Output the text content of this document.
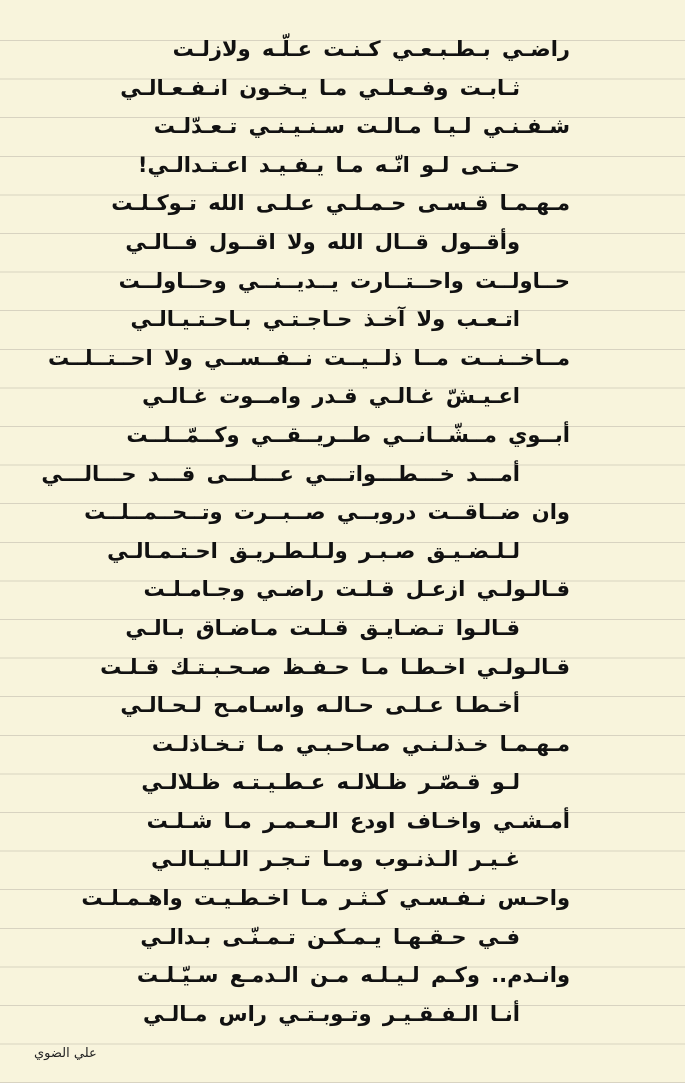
راضـي بـطـبـعـي كـنـت عـلّـه ولازلـت
ثـابـت وفـعـلـي مـا يـخـون انـفـعـالـي
شـفـنـي لـيـا مـالـت سـنـيـنـي تـعـدّلـت
حـتـى لـو انّـه مـا يـفـيـد اعـتـدالـي!
مـهـمـا قـسـى حـمـلـي عـلـى الله تـوكـلـت
وأقــول قــال الله ولا اقــول فــالـي
حــاولــت واحــتــارت يــديــنــي وحــاولــت
اتـعـب ولا آخـذ حـاجـتـي بـاحـتـيـالـي
مــاخــنــت مــا ذلــيــت نــفــســي ولا احــتــلــت
اعـيـشّ غـالـي قـدر وامــوت غـالـي
أبــوي مــشّــانــي طــريــقــي وكــمّــلــت
أمـــد خـــطـــواتـــي عـــلـــى قـــد حـــالـــي
وان ضــاقــت دروبــي صــبــرت وتــحــمــلــت
لـلـضـيـق صـبـر ولـلـطـريـق احـتـمـالـي
قـالـولـي ازعـل قـلـت راضـي وجـامـلـت
قـالـوا تـضـايـق قـلـت مـاضـاق بـالـي
قـالـولـي اخـطـا مـا حـفـظ صـحـبـتـك قـلـت
أخـطـا عـلـى حـالـه واسـامـح لـحـالـي
مـهـمـا خـذلـنـي صـاحـبـي مـا تـخـاذلـت
لـو قـصّـر ظـلالـه عـطـيـتـه ظـلالـي
أمـشـي واخـاف اودع الـعـمـر مـا شـلـت
غـيـر الـذنـوب ومـا تـجـر الـلـيـالـي
واحـس نـفـسـي كـثـر مـا اخـطـيـت واهـمـلـت
فـي حـقـهـا يـمـكـن تـمـنّـى بـدالـي
وانـدم.. وكـم لـيـلـه مـن الـدمـع سـيّـلـت
أنـا الـفـقـيـر وتـوبـتـي راس مـالـي
علي الضوي
